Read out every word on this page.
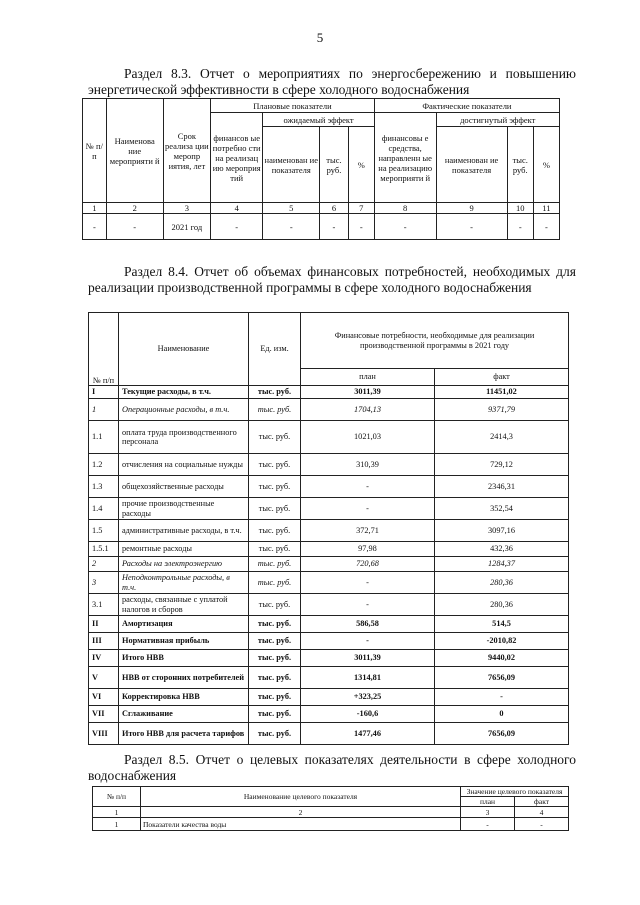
5
Раздел 8.3. Отчет о мероприятиях по энергосбережению и повышению энергетической эффективности в сфере холодного водоснабжения
№ п/п	Наименова ние мероприяти й	Срок реализа ции меропр иятия, лет	Плановые показатели				Фактические показатели			
			финансов ые потребно сти на реализац ию мероприя тий	ожидаемый эффект			финансовы е средства, направленн ые на реализацию мероприяти й	достигнутый эффект		
				наименован ие показателя	тыс. руб.	%		наименован ие показателя	тыс. руб.	%
1	2	3	4	5	6	7	8	9	10	11
-	-	2021 год	-	-	-	-	-	-	-	-
Раздел 8.4. Отчет об объемах финансовых потребностей, необходимых для реализации производственной программы в сфере холодного водоснабжения
№ п/п	Наименование	Ед. изм.	Финансовые потребности, необходимые для реализации производственной программы в 2021 году	
			план	факт
I	Текущие расходы, в т.ч.	тыс. руб.	3011,39	11451,02
1	Операционные расходы, в т.ч.	тыс. руб.	1704,13	9371,79
1.1	оплата труда производственного персонала	тыс. руб.	1021,03	2414,3
1.2	отчисления на социальные нужды	тыс. руб.	310,39	729,12
1.3	общехозяйственные расходы	тыс. руб.	-	2346,31
1.4	прочие производственные расходы	тыс. руб.	-	352,54
1.5	административные расходы, в т.ч.	тыс. руб.	372,71	3097,16
1.5.1	ремонтные расходы	тыс. руб.	97,98	432,36
2	Расходы на электроэнергию	тыс. руб.	720,68	1284,37
3	Неподконтрольные расходы, в т.ч.	тыс. руб.	-	280,36
3.1	расходы, связанные с уплатой налогов и сборов	тыс. руб.	-	280,36
II	Амортизация	тыс. руб.	586,58	514,5
III	Нормативная прибыль	тыс. руб.	-	-2010,82
IV	Итого НВВ	тыс. руб.	3011,39	9440,02
V	НВВ от сторонних потребителей	тыс. руб.	1314,81	7656,09
VI	Корректировка НВВ	тыс. руб.	+323,25	-
VII	Сглаживание	тыс. руб.	-160,6	0
VIII	Итого НВВ для расчета тарифов	тыс. руб.	1477,46	7656,09
Раздел 8.5. Отчет о целевых показателях деятельности в сфере холодного водоснабжения
№ п/п	Наименование целевого показателя	Значение целевого показателя	
		план	факт
1	2	3	4
1	Показатели качества воды	-	-
